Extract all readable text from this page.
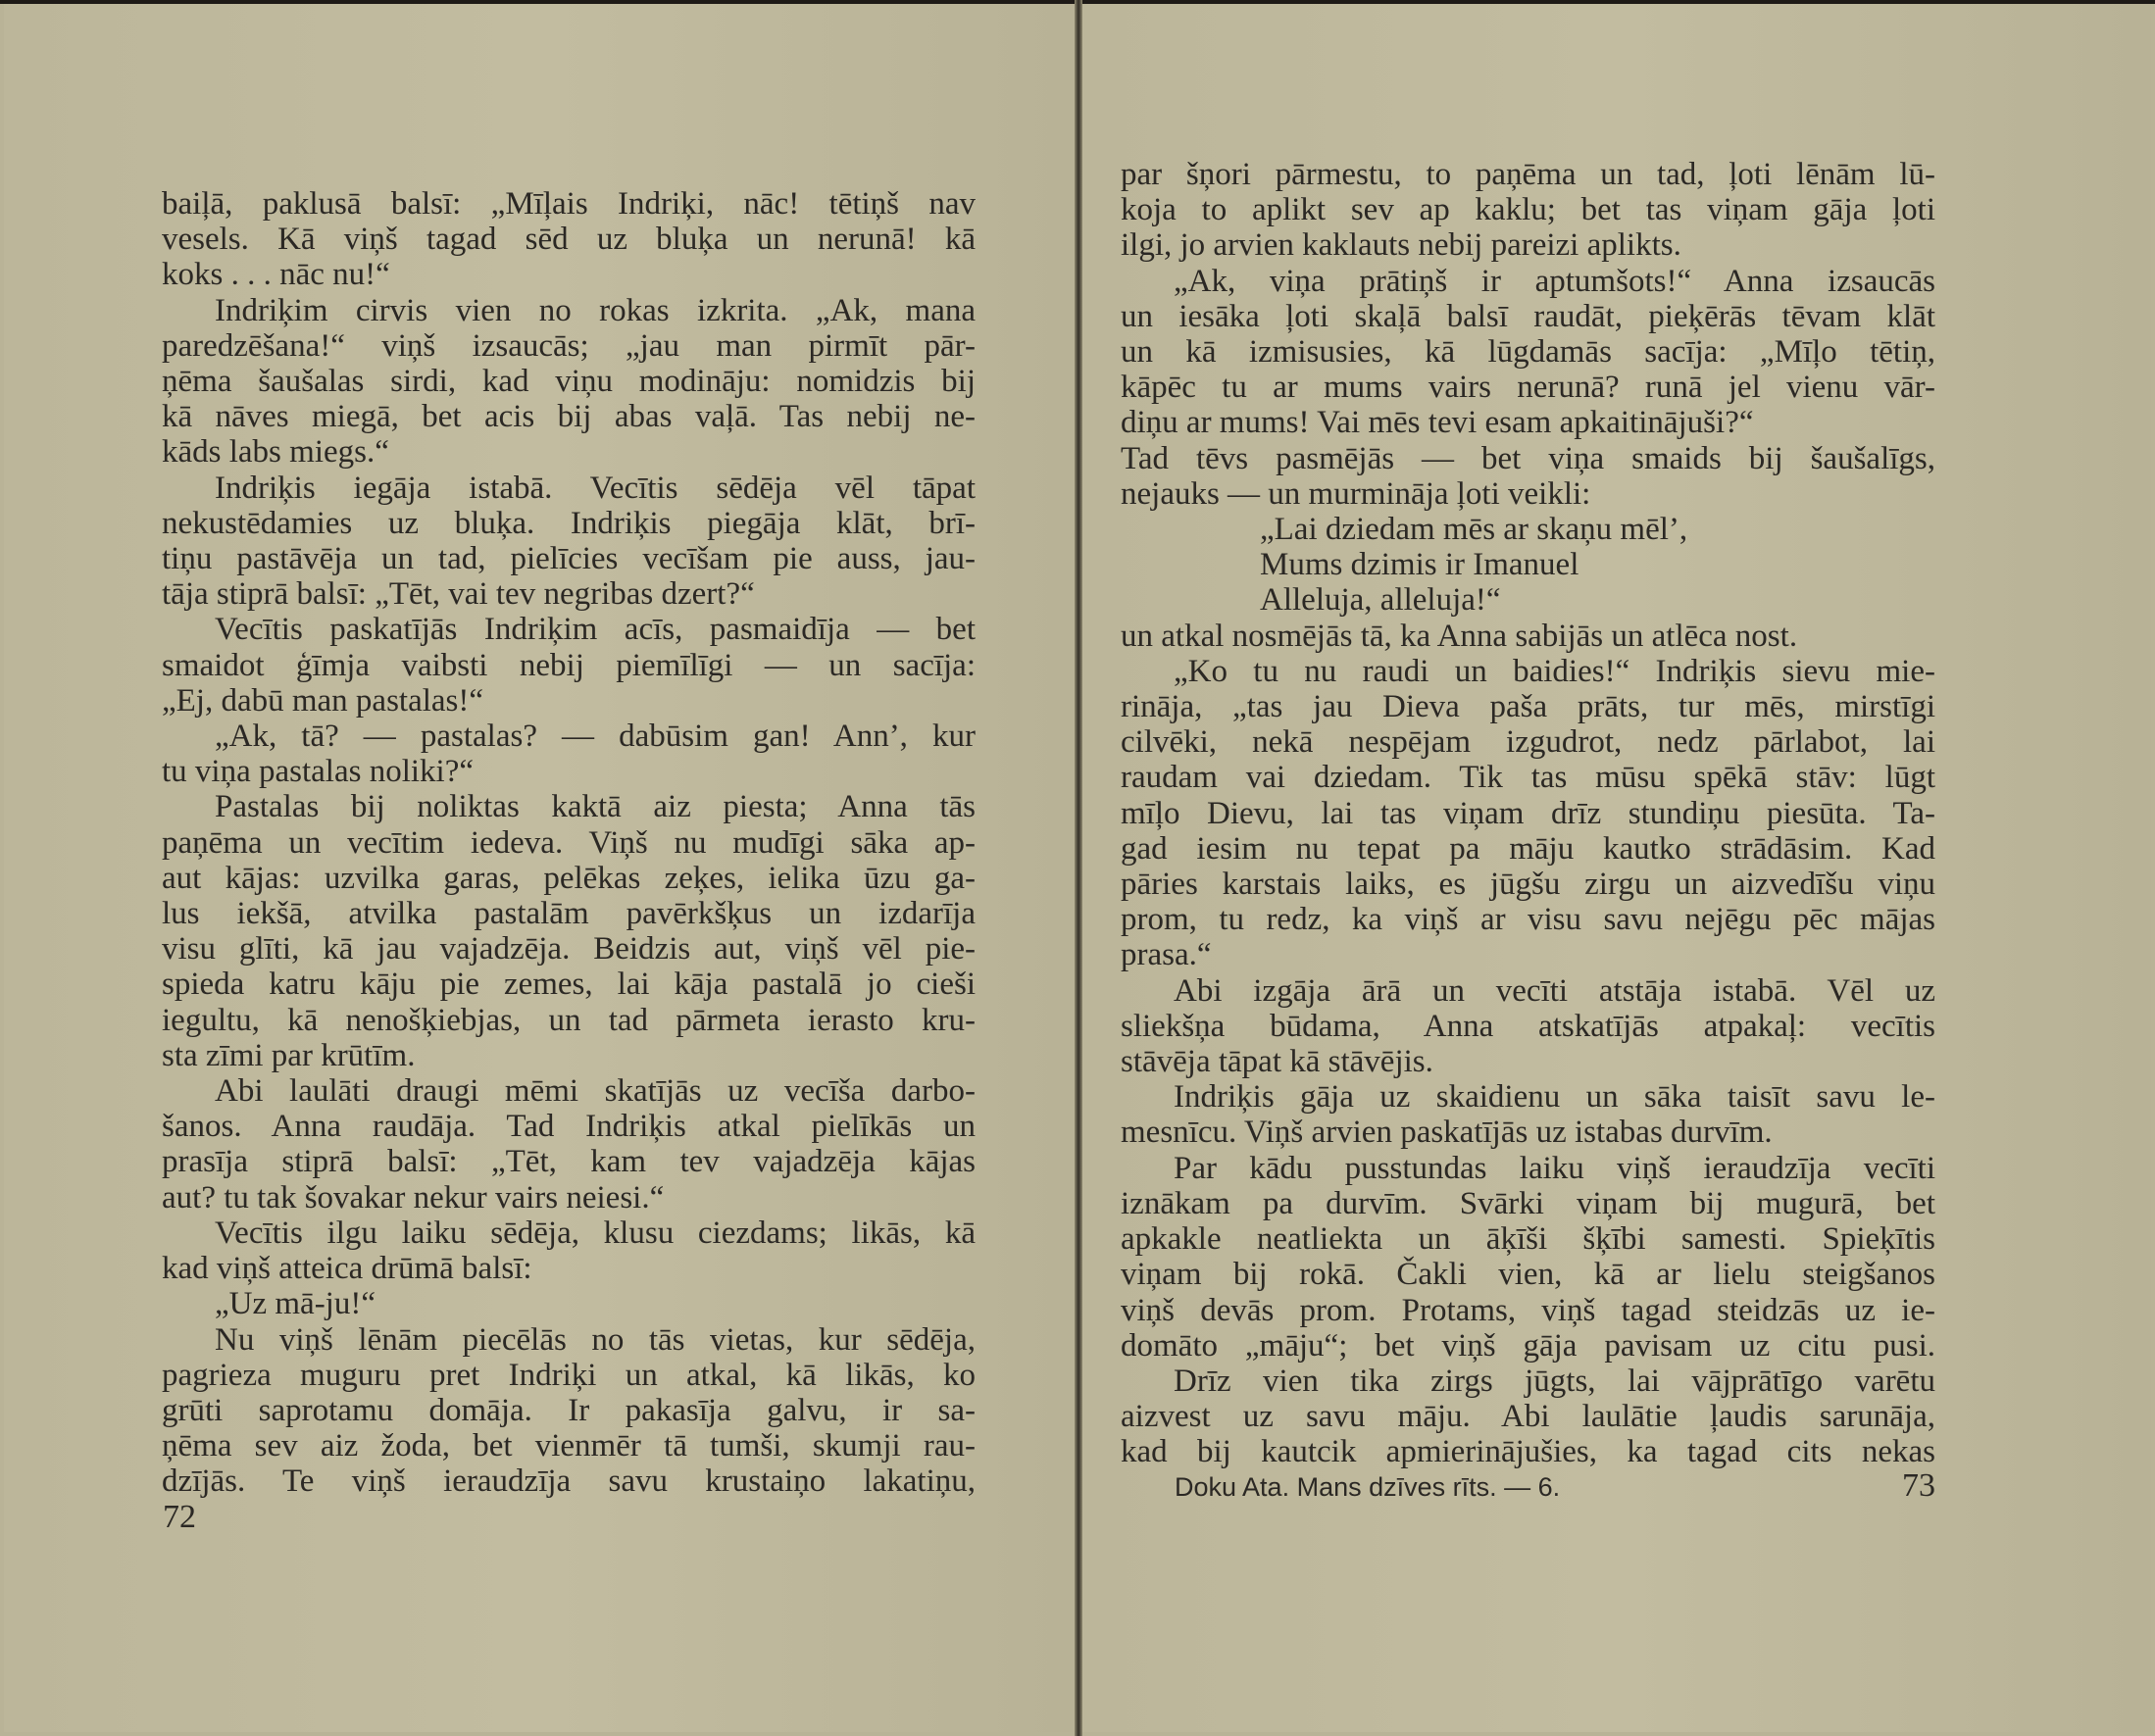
baiļā, paklusā balsī: „Mīļais Indriķi, nāc! tētiņš nav
vesels. Kā viņš tagad sēd uz bluķa un nerunā! kā
koks . . . nāc nu!“
Indriķim cirvis vien no rokas izkrita. „Ak, mana
paredzēšana!“ viņš izsaucās; „jau man pirmīt pār-
ņēma šaušalas sirdi, kad viņu modināju: nomidzis bij
kā nāves miegā, bet acis bij abas vaļā. Tas nebij ne-
kāds labs miegs.“
Indriķis iegāja istabā. Vecītis sēdēja vēl tāpat
nekustēdamies uz bluķa. Indriķis piegāja klāt, brī-
tiņu pastāvēja un tad, pielīcies vecīšam pie auss, jau-
tāja stiprā balsī: „Tēt, vai tev negribas dzert?“
Vecītis paskatījās Indriķim acīs, pasmaidīja — bet
smaidot ģīmja vaibsti nebij piemīlīgi — un sacīja:
„Ej, dabū man pastalas!“
„Ak, tā? — pastalas? — dabūsim gan! Ann’, kur
tu viņa pastalas noliki?“
Pastalas bij noliktas kaktā aiz piesta; Anna tās
paņēma un vecītim iedeva. Viņš nu mudīgi sāka ap-
aut kājas: uzvilka garas, pelēkas zeķes, ielika ūzu ga-
lus iekšā, atvilka pastalām pavērkšķus un izdarīja
visu glīti, kā jau vajadzēja. Beidzis aut, viņš vēl pie-
spieda katru kāju pie zemes, lai kāja pastalā jo cieši
iegultu, kā nenošķiebjas, un tad pārmeta ierasto kru-
sta zīmi par krūtīm.
Abi laulāti draugi mēmi skatījās uz vecīša darbo-
šanos. Anna raudāja. Tad Indriķis atkal pielīkās un
prasīja stiprā balsī: „Tēt, kam tev vajadzēja kājas
aut? tu tak šovakar nekur vairs neiesi.“
Vecītis ilgu laiku sēdēja, klusu ciezdams; likās, kā
kad viņš atteica drūmā balsī:
„Uz mā-ju!“
Nu viņš lēnām piecēlās no tās vietas, kur sēdēja,
pagrieza muguru pret Indriķi un atkal, kā likās, ko
grūti saprotamu domāja. Ir pakasīja galvu, ir sa-
ņēma sev aiz žoda, bet vienmēr tā tumši, skumji rau-
dzījās. Te viņš ieraudzīja savu krustaiņo lakatiņu,
72
par šņori pārmestu, to paņēma un tad, ļoti lēnām lū-
koja to aplikt sev ap kaklu; bet tas viņam gāja ļoti
ilgi, jo arvien kaklauts nebij pareizi aplikts.
„Ak, viņa prātiņš ir aptumšots!“ Anna izsaucās
un iesāka ļoti skaļā balsī raudāt, pieķērās tēvam klāt
un kā izmisusies, kā lūgdamās sacīja: „Mīļo tētiņ,
kāpēc tu ar mums vairs nerunā? runā jel vienu vār-
diņu ar mums! Vai mēs tevi esam apkaitinājuši?“
Tad tēvs pasmējās — bet viņa smaids bij šaušalīgs,
nejauks — un murmināja ļoti veikli:
„Lai dziedam mēs ar skaņu mēl’,
Mums dzimis ir Imanuel
Alleluja, alleluja!“
un atkal nosmējās tā, ka Anna sabijās un atlēca nost.
„Ko tu nu raudi un baidies!“ Indriķis sievu mie-
rināja, „tas jau Dieva paša prāts, tur mēs, mirstīgi
cilvēki, nekā nespējam izgudrot, nedz pārlabot, lai
raudam vai dziedam. Tik tas mūsu spēkā stāv: lūgt
mīļo Dievu, lai tas viņam drīz stundiņu piesūta. Ta-
gad iesim nu tepat pa māju kautko strādāsim. Kad
pāries karstais laiks, es jūgšu zirgu un aizvedīšu viņu
prom, tu redz, ka viņš ar visu savu nejēgu pēc mājas
prasa.“
Abi izgāja ārā un vecīti atstāja istabā. Vēl uz
sliekšņa būdama, Anna atskatījās atpakaļ: vecītis
stāvēja tāpat kā stāvējis.
Indriķis gāja uz skaidienu un sāka taisīt savu le-
mesnīcu. Viņš arvien paskatījās uz istabas durvīm.
Par kādu pusstundas laiku viņš ieraudzīja vecīti
iznākam pa durvīm. Svārki viņam bij mugurā, bet
apkakle neatliekta un āķīši šķībi samesti. Spieķītis
viņam bij rokā. Čakli vien, kā ar lielu steigšanos
viņš devās prom. Protams, viņš tagad steidzās uz ie-
domāto „māju“; bet viņš gāja pavisam uz citu pusi.
Drīz vien tika zirgs jūgts, lai vājprātīgo varētu
aizvest uz savu māju. Abi laulātie ļaudis sarunāja,
kad bij kautcik apmierinājušies, ka tagad cits nekas
Doku Ata. Mans dzīves rīts. — 6.	73
